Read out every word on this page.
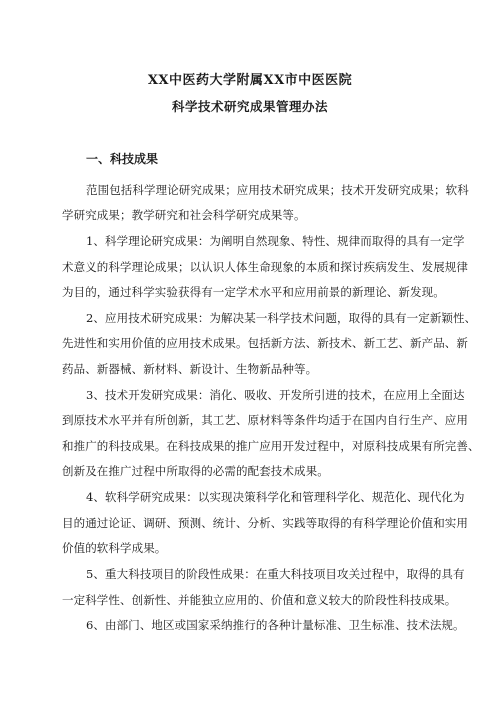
XX中医药大学附属XX市中医医院
科学技术研究成果管理办法
一、科技成果
范围包括科学理论研究成果；应用技术研究成果；技术开发研究成果；软科
学研究成果；教学研究和社会科学研究成果等。
1、科学理论研究成果：为阐明自然现象、特性、规律而取得的具有一定学
术意义的科学理论成果；以认识人体生命现象的本质和探讨疾病发生、发展规律
为目的，通过科学实验获得有一定学术水平和应用前景的新理论、新发现。
2、应用技术研究成果：为解决某一科学技术问题，取得的具有一定新颖性、
先进性和实用价值的应用技术成果。包括新方法、新技术、新工艺、新产品、新
药品、新器械、新材料、新设计、生物新品种等。
3、技术开发研究成果：消化、吸收、开发所引进的技术，在应用上全面达
到原技术水平并有所创新，其工艺、原材料等条件均适于在国内自行生产、应用
和推广的科技成果。在科技成果的推广应用开发过程中，对原科技成果有所完善、
创新及在推广过程中所取得的必需的配套技术成果。
4、软科学研究成果：以实现决策科学化和管理科学化、规范化、现代化为
目的通过论证、调研、预测、统计、分析、实践等取得的有科学理论价值和实用
价值的软科学成果。
5、重大科技项目的阶段性成果：在重大科技项目攻关过程中，取得的具有
一定科学性、创新性、并能独立应用的、价值和意义较大的阶段性科技成果。
6、由部门、地区或国家采纳推行的各种计量标准、卫生标准、技术法规。
